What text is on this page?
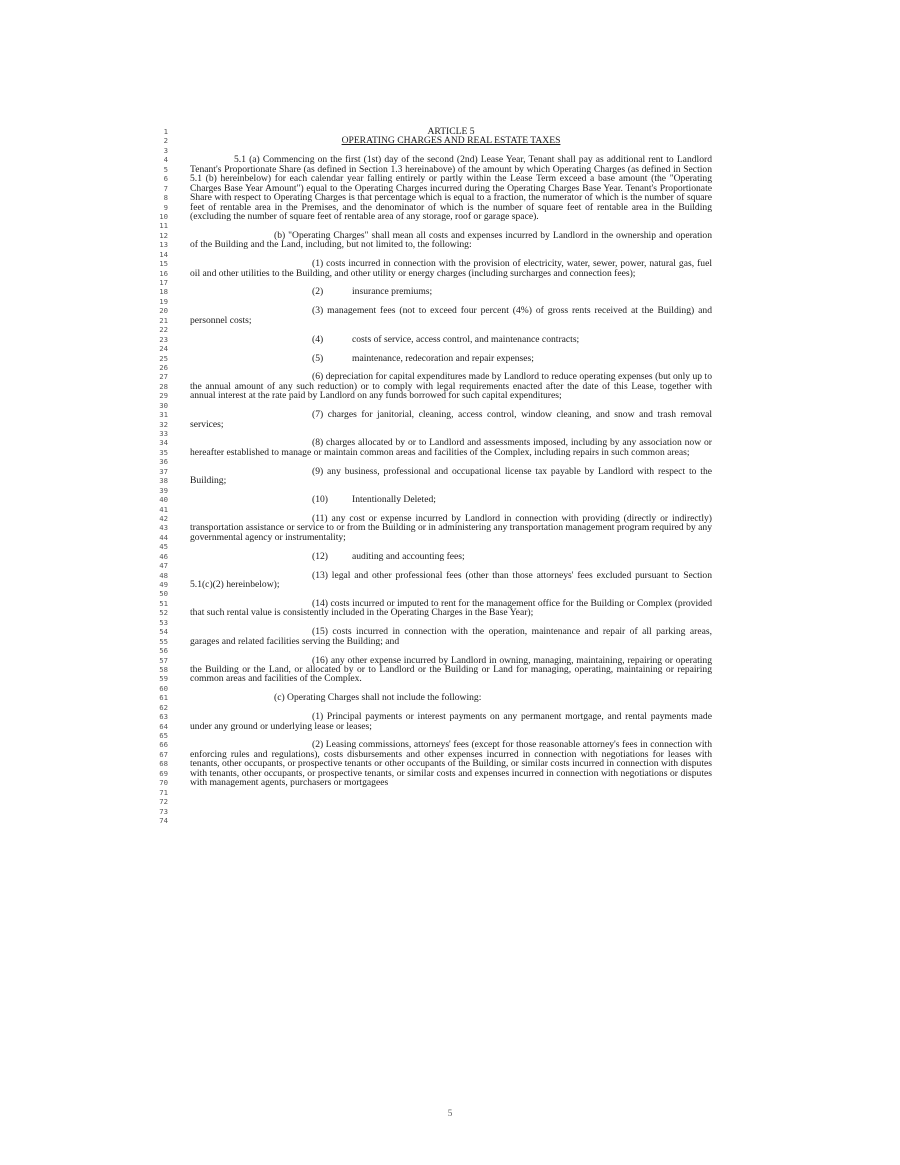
1
2
3
4
5
6
7
8
9
10
11
12
13
14
15
16
17
18
19
20
21
22
23
24
25
26
27
28
29
30
31
32
33
34
35
36
37
38
39
40
41
42
43
44
45
46
47
48
49
50
51
52
53
54
55
56
57
58
59
60
61
62
63
64
65
66
67
68
69
70
71
72
73
74

ARTICLE 5

OPERATING CHARGES AND REAL ESTATE TAXES

5.1 (a) Commencing on the first (1st) day of the second (2nd) Lease Year, Tenant shall pay as additional rent to Landlord Tenant's Proportionate Share (as defined in Section 1.3 hereinabove) of the amount by which Operating Charges (as defined in Section 5.1 (b) hereinbelow) for each calendar year falling entirely or partly within the Lease Term exceed a base amount (the "Operating Charges Base Year Amount") equal to the Operating Charges incurred during the Operating Charges Base Year. Tenant's Proportionate Share with respect to Operating Charges is that percentage which is equal to a fraction, the numerator of which is the number of square feet of rentable area in the Premises, and the denominator of which is the number of square feet of rentable area in the Building (excluding the number of square feet of rentable area of any storage, roof or garage space).

(b) "Operating Charges" shall mean all costs and expenses incurred by Landlord in the ownership and operation of the Building and the Land, including, but not limited to, the following:

(1) costs incurred in connection with the provision of electricity, water, sewer, power, natural gas, fuel oil and other utilities to the Building, and other utility or energy charges (including surcharges and connection fees);

(2)	insurance premiums;

(3) management fees (not to exceed four percent (4%) of gross rents received at the Building) and personnel costs;

(4)	costs of service, access control, and maintenance contracts;

(5)	maintenance, redecoration and repair expenses;

(6) depreciation for capital expenditures made by Landlord to reduce operating expenses (but only up to the annual amount of any such reduction) or to comply with legal requirements enacted after the date of this Lease, together with annual interest at the rate paid by Landlord on any funds borrowed for such capital expenditures;

(7) charges for janitorial, cleaning, access control, window cleaning, and snow and trash removal services;

(8) charges allocated by or to Landlord and assessments imposed, including by any association now or hereafter established to manage or maintain common areas and facilities of the Complex, including repairs in such common areas;

(9) any business, professional and occupational license tax payable by Landlord with respect to the Building;

(10)	Intentionally Deleted;

(11) any cost or expense incurred by Landlord in connection with providing (directly or indirectly) transportation assistance or service to or from the Building or in administering any transportation management program required by any governmental agency or instrumentality;

(12)	auditing and accounting fees;

(13) legal and other professional fees (other than those attorneys' fees excluded pursuant to Section 5.1(c)(2) hereinbelow);

(14) costs incurred or imputed to rent for the management office for the Building or Complex (provided that such rental value is consistently included in the Operating Charges in the Base Year);

(15) costs incurred in connection with the operation, maintenance and repair of all parking areas, garages and related facilities serving the Building; and

(16) any other expense incurred by Landlord in owning, managing, maintaining, repairing or operating the Building or the Land, or allocated by or to Landlord or the Building or Land for managing, operating, maintaining or repairing common areas and facilities of the Complex.

(c) Operating Charges shall not include the following:

(1) Principal payments or interest payments on any permanent mortgage, and rental payments made under any ground or underlying lease or leases;

(2) Leasing commissions, attorneys' fees (except for those reasonable attorney's fees in connection with enforcing rules and regulations), costs disbursements and other expenses incurred in connection with negotiations for leases with tenants, other occupants, or prospective tenants or other occupants of the Building, or similar costs incurred in connection with disputes with tenants, other occupants, or prospective tenants, or similar costs and expenses incurred in connection with negotiations or disputes with management agents, purchasers or mortgagees

5
